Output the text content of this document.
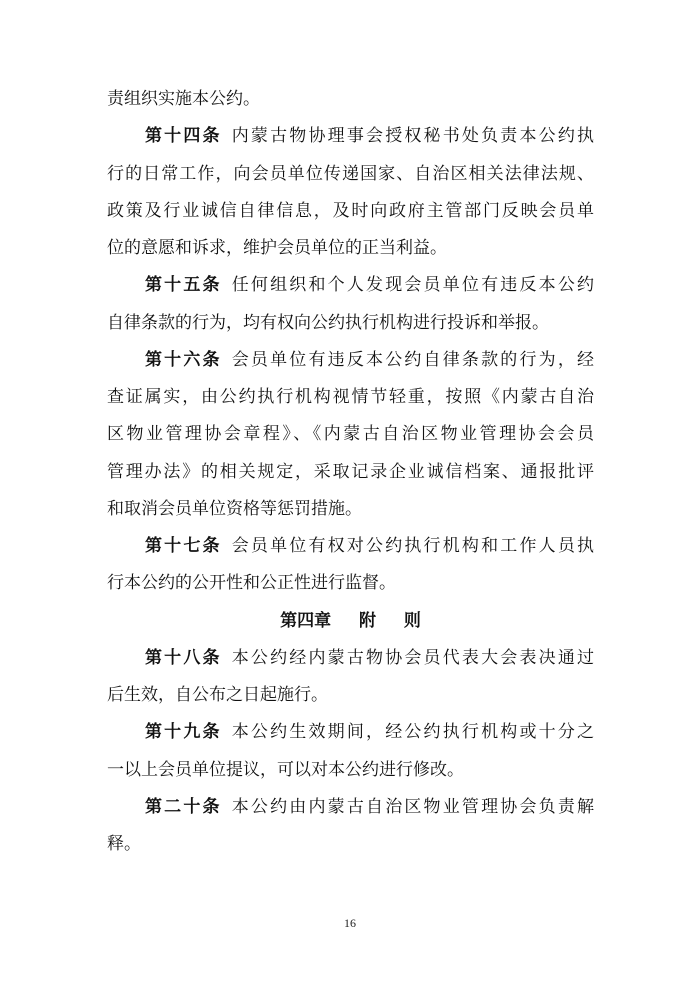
责组织实施本公约。
第十四条 内蒙古物协理事会授权秘书处负责本公约执
行的日常工作，向会员单位传递国家、自治区相关法律法规、
政策及行业诚信自律信息，及时向政府主管部门反映会员单
位的意愿和诉求，维护会员单位的正当利益。
第十五条 任何组织和个人发现会员单位有违反本公约
自律条款的行为，均有权向公约执行机构进行投诉和举报。
第十六条 会员单位有违反本公约自律条款的行为，经
查证属实，由公约执行机构视情节轻重，按照《内蒙古自治
区物业管理协会章程》、《内蒙古自治区物业管理协会会员
管理办法》的相关规定，采取记录企业诚信档案、通报批评
和取消会员单位资格等惩罚措施。
第十七条 会员单位有权对公约执行机构和工作人员执
行本公约的公开性和公正性进行监督。
第四章  附  则
第十八条 本公约经内蒙古物协会员代表大会表决通过
后生效，自公布之日起施行。
第十九条 本公约生效期间，经公约执行机构或十分之
一以上会员单位提议，可以对本公约进行修改。
第二十条 本公约由内蒙古自治区物业管理协会负责解
释。
16
